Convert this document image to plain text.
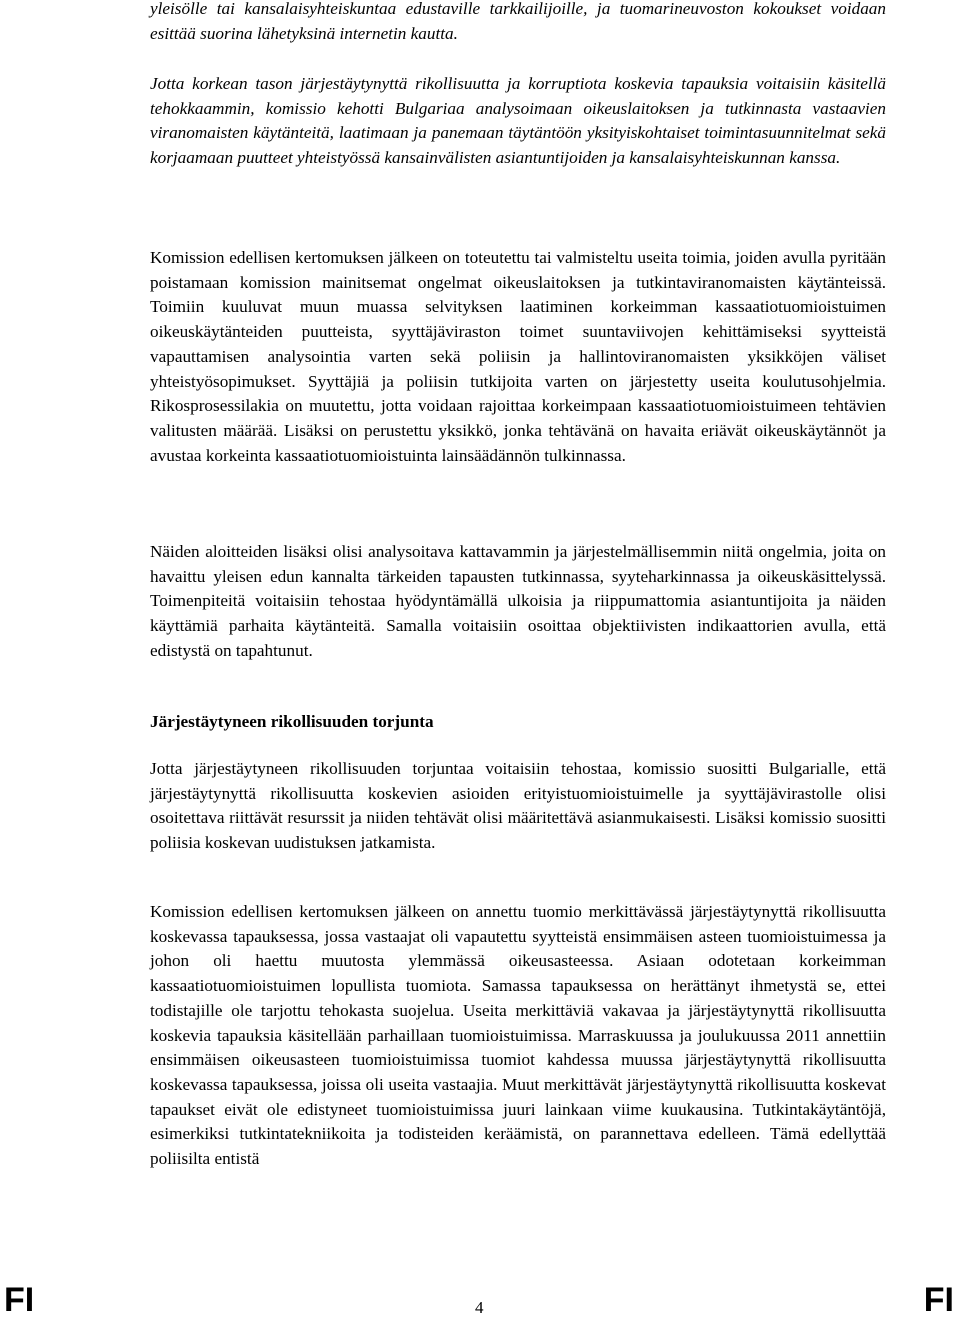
yleisölle tai kansalaisyhteiskuntaa edustaville tarkkailijoille, ja tuomarineuvoston kokoukset voidaan esittää suorina lähetyksinä internetin kautta.

Jotta korkean tason järjestäytynyttä rikollisuutta ja korruptiota koskevia tapauksia voitaisiin käsitellä tehokkaammin, komissio kehotti Bulgariaa analysoimaan oikeuslaitoksen ja tutkinnasta vastaavien viranomaisten käytänteitä, laatimaan ja panemaan täytäntöön yksityiskohtaiset toimintasuunnitelmat sekä korjaamaan puutteet yhteistyössä kansainvälisten asiantuntijoiden ja kansalaisyhteiskunnan kanssa.

Komission edellisen kertomuksen jälkeen on toteutettu tai valmisteltu useita toimia, joiden avulla pyritään poistamaan komission mainitsemat ongelmat oikeuslaitoksen ja tutkintaviranomaisten käytänteissä. Toimiin kuuluvat muun muassa selvityksen laatiminen korkeimman kassaatiotuomioistuimen oikeuskäytänteiden puutteista, syyttäjäviraston toimet suuntaviivojen kehittämiseksi syytteistä vapauttamisen analysointia varten sekä poliisin ja hallintoviranomaisten yksikköjen väliset yhteistyösopimukset. Syyttäjiä ja poliisin tutkijoita varten on järjestetty useita koulutusohjelmia. Rikosprosessilakia on muutettu, jotta voidaan rajoittaa korkeimpaan kassaatiotuomioistuimeen tehtävien valitusten määrää. Lisäksi on perustettu yksikkö, jonka tehtävänä on havaita eriävät oikeuskäytännöt ja avustaa korkeinta kassaatiotuomioistuinta lainsäädännön tulkinnassa.

Näiden aloitteiden lisäksi olisi analysoitava kattavammin ja järjestelmällisemmin niitä ongelmia, joita on havaittu yleisen edun kannalta tärkeiden tapausten tutkinnassa, syyteharkinnassa ja oikeuskäsittelyssä. Toimenpiteitä voitaisiin tehostaa hyödyntämällä ulkoisia ja riippumattomia asiantuntijoita ja näiden käyttämiä parhaita käytänteitä. Samalla voitaisiin osoittaa objektiivisten indikaattorien avulla, että edistystä on tapahtunut.

Järjestäytyneen rikollisuuden torjunta

Jotta järjestäytyneen rikollisuuden torjuntaa voitaisiin tehostaa, komissio suositti Bulgarialle, että järjestäytynyttä rikollisuutta koskevien asioiden erityistuomioistuimelle ja syyttäjävirastolle olisi osoitettava riittävät resurssit ja niiden tehtävät olisi määritettävä asianmukaisesti. Lisäksi komissio suositti poliisia koskevan uudistuksen jatkamista.

Komission edellisen kertomuksen jälkeen on annettu tuomio merkittävässä järjestäytynyttä rikollisuutta koskevassa tapauksessa, jossa vastaajat oli vapautettu syytteistä ensimmäisen asteen tuomioistuimessa ja johon oli haettu muutosta ylemmässä oikeusasteessa. Asiaan odotetaan korkeimman kassaatiotuomioistuimen lopullista tuomiota. Samassa tapauksessa on herättänyt ihmetystä se, ettei todistajille ole tarjottu tehokasta suojelua. Useita merkittäviä vakavaa ja järjestäytynyttä rikollisuutta koskevia tapauksia käsitellään parhaillaan tuomioistuimissa. Marraskuussa ja joulukuussa 2011 annettiin ensimmäisen oikeusasteen tuomioistuimissa tuomiot kahdessa muussa järjestäytynyttä rikollisuutta koskevassa tapauksessa, joissa oli useita vastaajia. Muut merkittävät järjestäytynyttä rikollisuutta koskevat tapaukset eivät ole edistyneet tuomioistuimissa juuri lainkaan viime kuukausina. Tutkintakäytäntöjä, esimerkiksi tutkintatekniikoita ja todisteiden keräämistä, on parannettava edelleen. Tämä edellyttää poliisilta entistä

FI	4	FI
